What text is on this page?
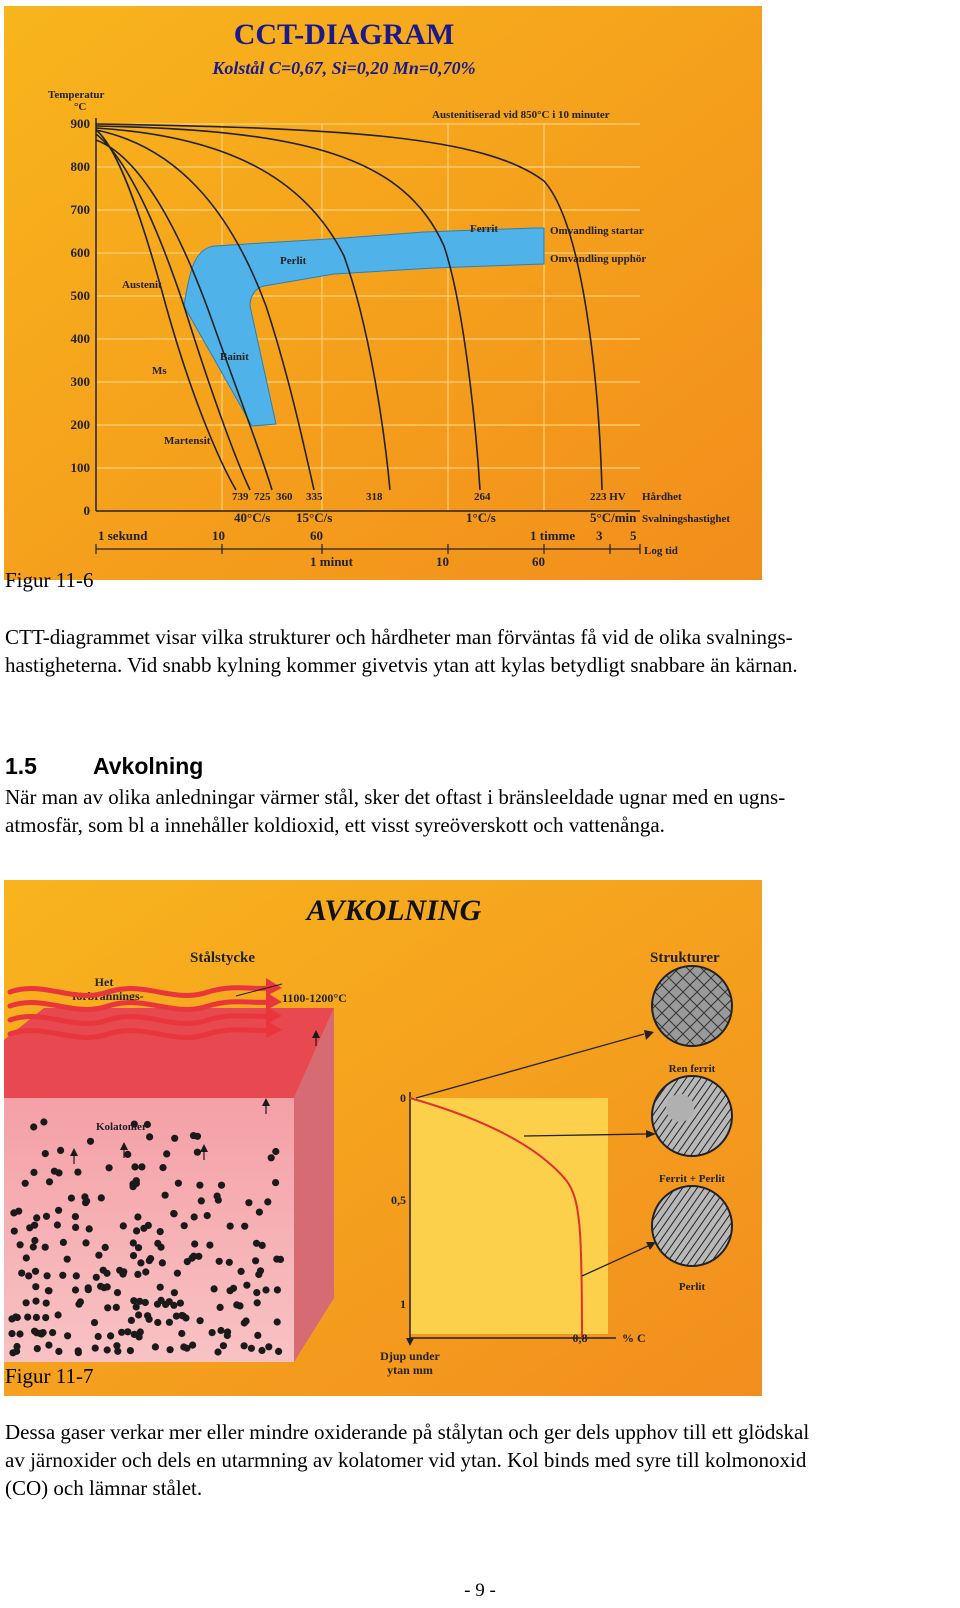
CCT-DIAGRAM
Kolstål C=0,67, Si=0,20 Mn=0,70%
Temperatur
°C
900
800
700
600
500
400
300
200
100
0
Austenitiserad vid 850°C i 10 minuter
Austenit
Perlit
Ferrit
Bainit
Ms
Martensit
Omvandling startar
Omvandling upphör
739 725 360 335	318	264	223 HV Hårdhet
40°C/s 15°C/s	1°C/s	5°C/min Svalningshastighet
1 sekund	10	60	1 timme 3 5
1 minut	10	60
Log tid
Figur 11-6
CTT-diagrammet visar vilka strukturer och hårdheter man förväntas få vid de olika svalnings-
hastigheterna. Vid snabb kylning kommer givetvis ytan att kylas betydligt snabbare än kärnan.
1.5 Avkolning
När man av olika anledningar värmer stål, sker det oftast i bränsleeldade ugnar med en ugns-
atmosfär, som bl a innehåller koldioxid, ett visst syreöverskott och vattenånga.
AVKOLNING
Stålstycke	Strukturer
Het
förbrännings-	1100-1200°C
Kolatomer
0
0,5
1
0,8	% C
Djup under
ytan mm
Ren ferrit
Ferrit + Perlit
Perlit
Figur 11-7
Dessa gaser verkar mer eller mindre oxiderande på stålytan och ger dels upphov till ett glödskal
av järnoxider och dels en utarmning av kolatomer vid ytan. Kol binds med syre till kolmonoxid
(CO) och lämnar stålet.
- 9 -
